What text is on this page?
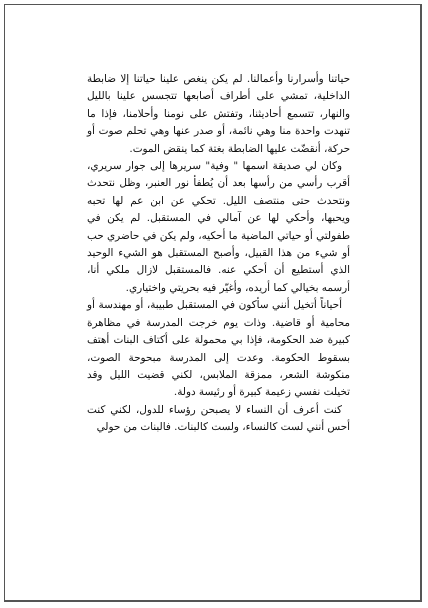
حياتنا وأسرارنا وأعمالنا. لم يكن ينغص علينا حياتنا إلا ضابطة الداخلية، تمشي على أطراف أصابعها تتجسس علينا بالليل والنهار، تتسمع أحاديثنا، وتفتش على نومنا وأحلامنا، فإذا ما تنهدت واحدة منا وهي نائمة، أو صدر عنها وهي تحلم صوت أو حركة، أنقضّت عليها الضابطة بغتة كما ينقض الموت.

وكان لي صديقة اسمها " وفية" سريرها إلى جوار سريري، أقرب رأسي من رأسها بعد أن يُطفأ نور العنبر، وظل نتحدث ونتحدث حتى منتصف الليل. تحكي عن ابن عم لها تحبه ويحبها، وأحكي لها عن آمالي في المستقبل. لم يكن في طفولتي أو حياتي الماضية ما أحكيه، ولم يكن في حاضري حب أو شيء من هذا القبيل، وأصبح المستقبل هو الشيء الوحيد الذي أستطيع أن أحكي عنه. فالمستقبل لازال ملكي أنا، أرسمه بخيالي كما أريده، وأغيّر فيه بحريتي واختياري.

أحياناً أتخيل أنني سأكون في المستقبل طبيبة، أو مهندسة أو محامية أو قاضية. وذات يوم خرجت المدرسة في مظاهرة كبيرة ضد الحكومة، فإذا بي محمولة على أكتاف البنات أهتف بسقوط الحكومة. وعدت إلى المدرسة مبحوحة الصوت، منكوشة الشعر، ممزقة الملابس، لكني قضيت الليل وقد تخيلت نفسي زعيمة كبيرة أو رئيسة دولة.

كنت أعرف أن النساء لا يصبحن رؤساء للدول، لكني كنت أحس أنني لست كالنساء، ولست كالبنات. فالبنات من حولي
